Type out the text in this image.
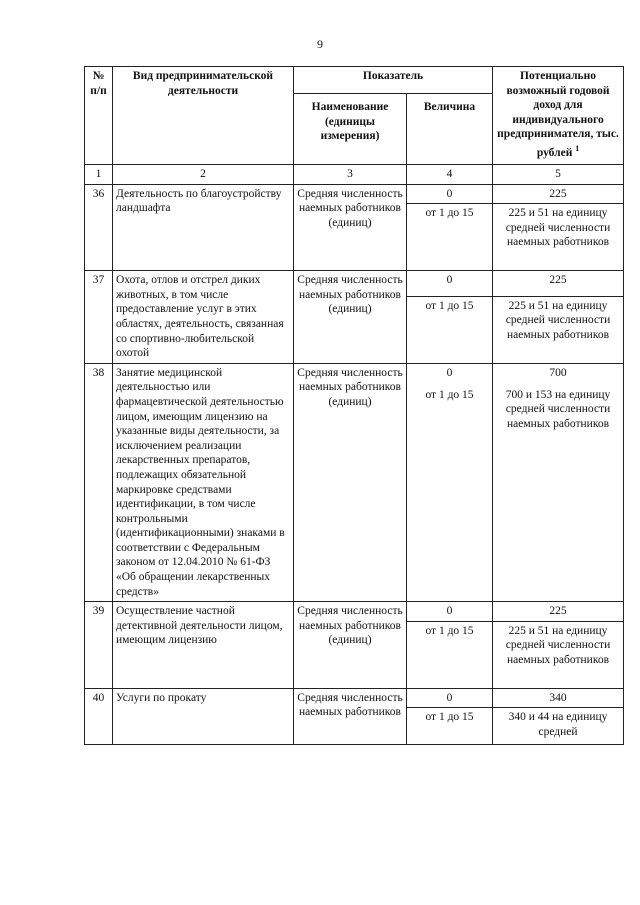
9
№
п/п	Вид предпринимательской деятельности	Показатель		Потенциально возможный годовой доход для индивидуального предпринимателя, тыс. рублей $^1$
		Наименование (единицы измерения)	Величина	
1	2	3	4	5
36	Деятельность по благоустройству ландшафта	Средняя численность наемных работников (единиц)	0	225
			от 1 до 15	225 и 51 на единицу средней численности наемных работников
37	Охота, отлов и отстрел диких животных, в том числе предоставление услуг в этих областях, деятельность, связанная со спортивно-любительской охотой	Средняя численность наемных работников (единиц)	0	225
			от 1 до 15	225 и 51 на единицу средней численности наемных работников
38	Занятие медицинской деятельностью или фармацевтической деятельностью лицом, имеющим лицензию на указанные виды деятельности, за исключением реализации лекарственных препаратов, подлежащих обязательной маркировке средствами идентификации, в том числе контрольными (идентификационными) знаками в соответствии с Федеральным законом от 12.04.2010 № 61-ФЗ «Об обращении лекарственных средств»	Средняя численность наемных работников (единиц)	0	700
			от 1 до 15	700 и 153 на единицу средней численности наемных работников
39	Осуществление частной детективной деятельности лицом, имеющим лицензию	Средняя численность наемных работников (единиц)	0	225
			от 1 до 15	225 и 51 на единицу средней численности наемных работников
40	Услуги по прокату	Средняя численность наемных работников	0	340
			от 1 до 15	340 и 44 на единицу средней
